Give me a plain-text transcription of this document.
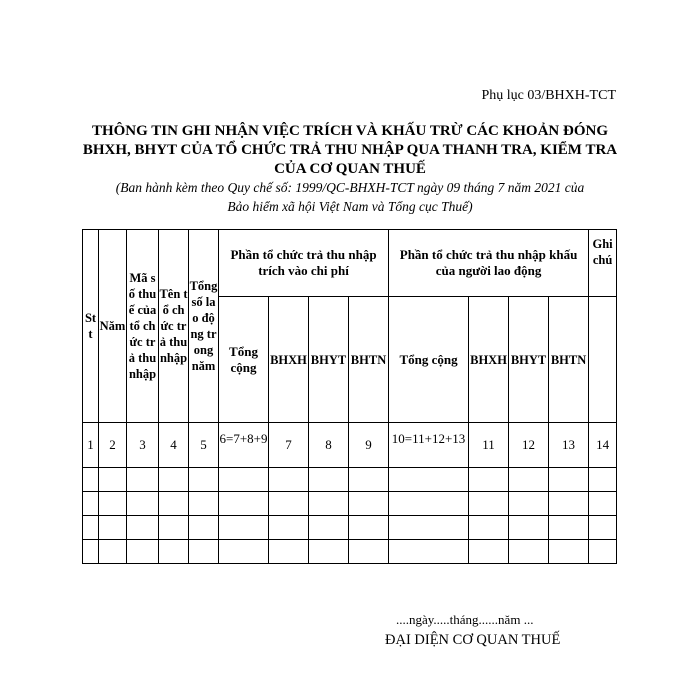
Phụ lục 03/BHXH-TCT
THÔNG TIN GHI NHẬN VIỆC TRÍCH VÀ KHẤU TRỪ CÁC KHOẢN ĐÓNG
BHXH, BHYT CỦA TỔ CHỨC TRẢ THU NHẬP QUA THANH TRA, KIỂM TRA
CỦA CƠ QUAN THUẾ
(Ban hành kèm theo Quy chế số: 1999/QC-BHXH-TCT ngày 09 tháng 7 năm 2021 của
Bảo hiểm xã hội Việt Nam và Tổng cục Thuế)
Stt	Năm	Mã số thuế của tổ chức trả thu nhập	Tên tổ chức trả thu nhập	Tổng số lao động trong năm	Phần tổ chức trả thu nhập trích vào chi phí				Phần tổ chức trả thu nhập khấu của người lao động				Ghi chú
					Tổng cộng	BHXH	BHYT	BHTN	Tổng cộng	BHXH	BHYT	BHTN	
1	2	3	4	5	6=7+8+9	7	8	9	10=11+12+13	11	12	13	14

....ngày.....tháng......năm ...
ĐẠI DIỆN CƠ QUAN THUẾ
